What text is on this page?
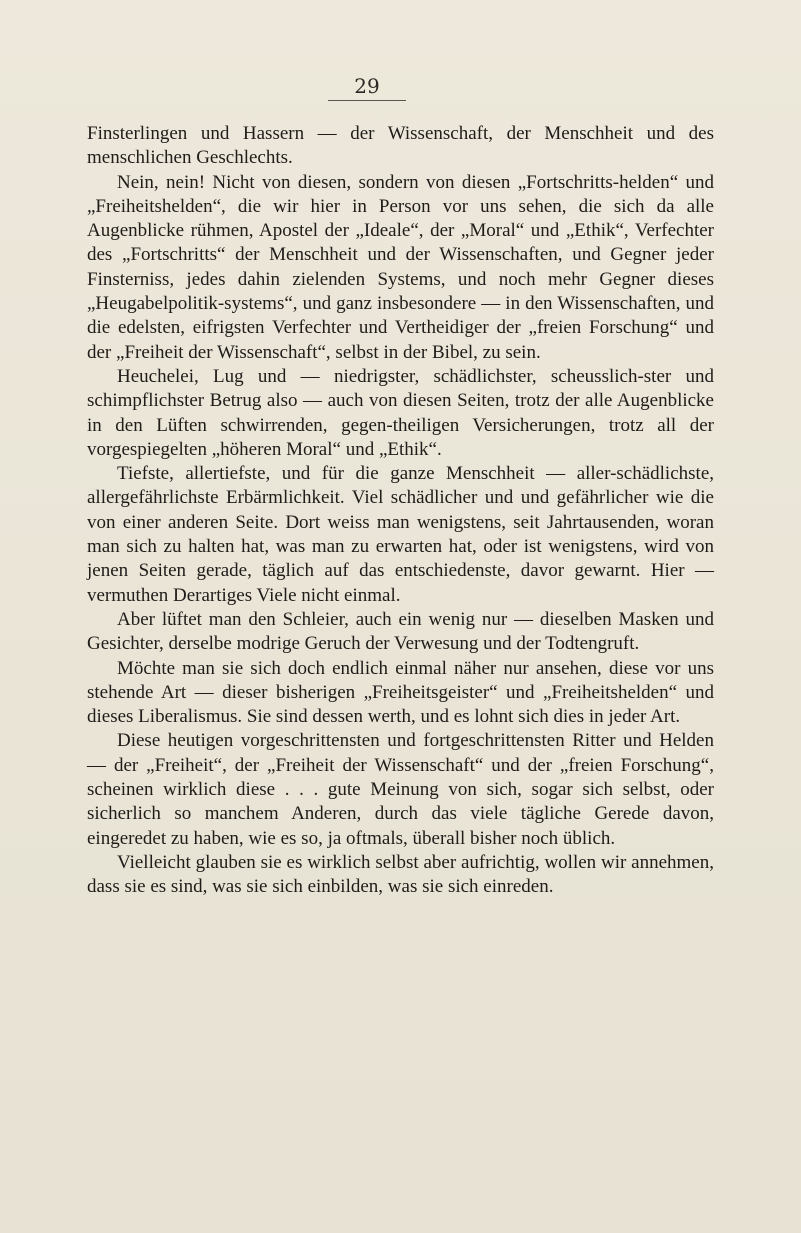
29

Finsterlingen und Hassern — der Wissenschaft, der Menschheit und des menschlichen Geschlechts.

Nein, nein! Nicht von diesen, sondern von diesen „Fortschritts-helden“ und „Freiheitshelden“, die wir hier in Person vor uns sehen, die sich da alle Augenblicke rühmen, Apostel der „Ideale“, der „Moral“ und „Ethik“, Verfechter des „Fortschritts“ der Menschheit und der Wissenschaften, und Gegner jeder Finsterniss, jedes dahin zielenden Systems, und noch mehr Gegner dieses „Heugabelpolitik-systems“, und ganz insbesondere — in den Wissenschaften, und die edelsten, eifrigsten Verfechter und Vertheidiger der „freien Forschung“ und der „Freiheit der Wissenschaft“, selbst in der Bibel, zu sein.

Heuchelei, Lug und — niedrigster, schädlichster, scheusslich-ster und schimpflichster Betrug also — auch von diesen Seiten, trotz der alle Augenblicke in den Lüften schwirrenden, gegen-theiligen Versicherungen, trotz all der vorgespiegelten „höheren Moral“ und „Ethik“.

Tiefste, allertiefste, und für die ganze Menschheit — aller-schädlichste, allergefährlichste Erbärmlichkeit. Viel schädlicher und und gefährlicher wie die von einer anderen Seite. Dort weiss man wenigstens, seit Jahrtausenden, woran man sich zu halten hat, was man zu erwarten hat, oder ist wenigstens, wird von jenen Seiten gerade, täglich auf das entschiedenste, davor gewarnt. Hier — vermuthen Derartiges Viele nicht einmal.

Aber lüftet man den Schleier, auch ein wenig nur — dieselben Masken und Gesichter, derselbe modrige Geruch der Verwesung und der Todtengruft.

Möchte man sie sich doch endlich einmal näher nur ansehen, diese vor uns stehende Art — dieser bisherigen „Freiheitsgeister“ und „Freiheitshelden“ und dieses Liberalismus. Sie sind dessen werth, und es lohnt sich dies in jeder Art.

Diese heutigen vorgeschrittensten und fortgeschrittensten Ritter und Helden — der „Freiheit“, der „Freiheit der Wissenschaft“ und der „freien Forschung“, scheinen wirklich diese . . . gute Meinung von sich, sogar sich selbst, oder sicherlich so manchem Anderen, durch das viele tägliche Gerede davon, eingeredet zu haben, wie es so, ja oftmals, überall bisher noch üblich.

Vielleicht glauben sie es wirklich selbst aber aufrichtig, wollen wir annehmen, dass sie es sind, was sie sich einbilden, was sie sich einreden.
